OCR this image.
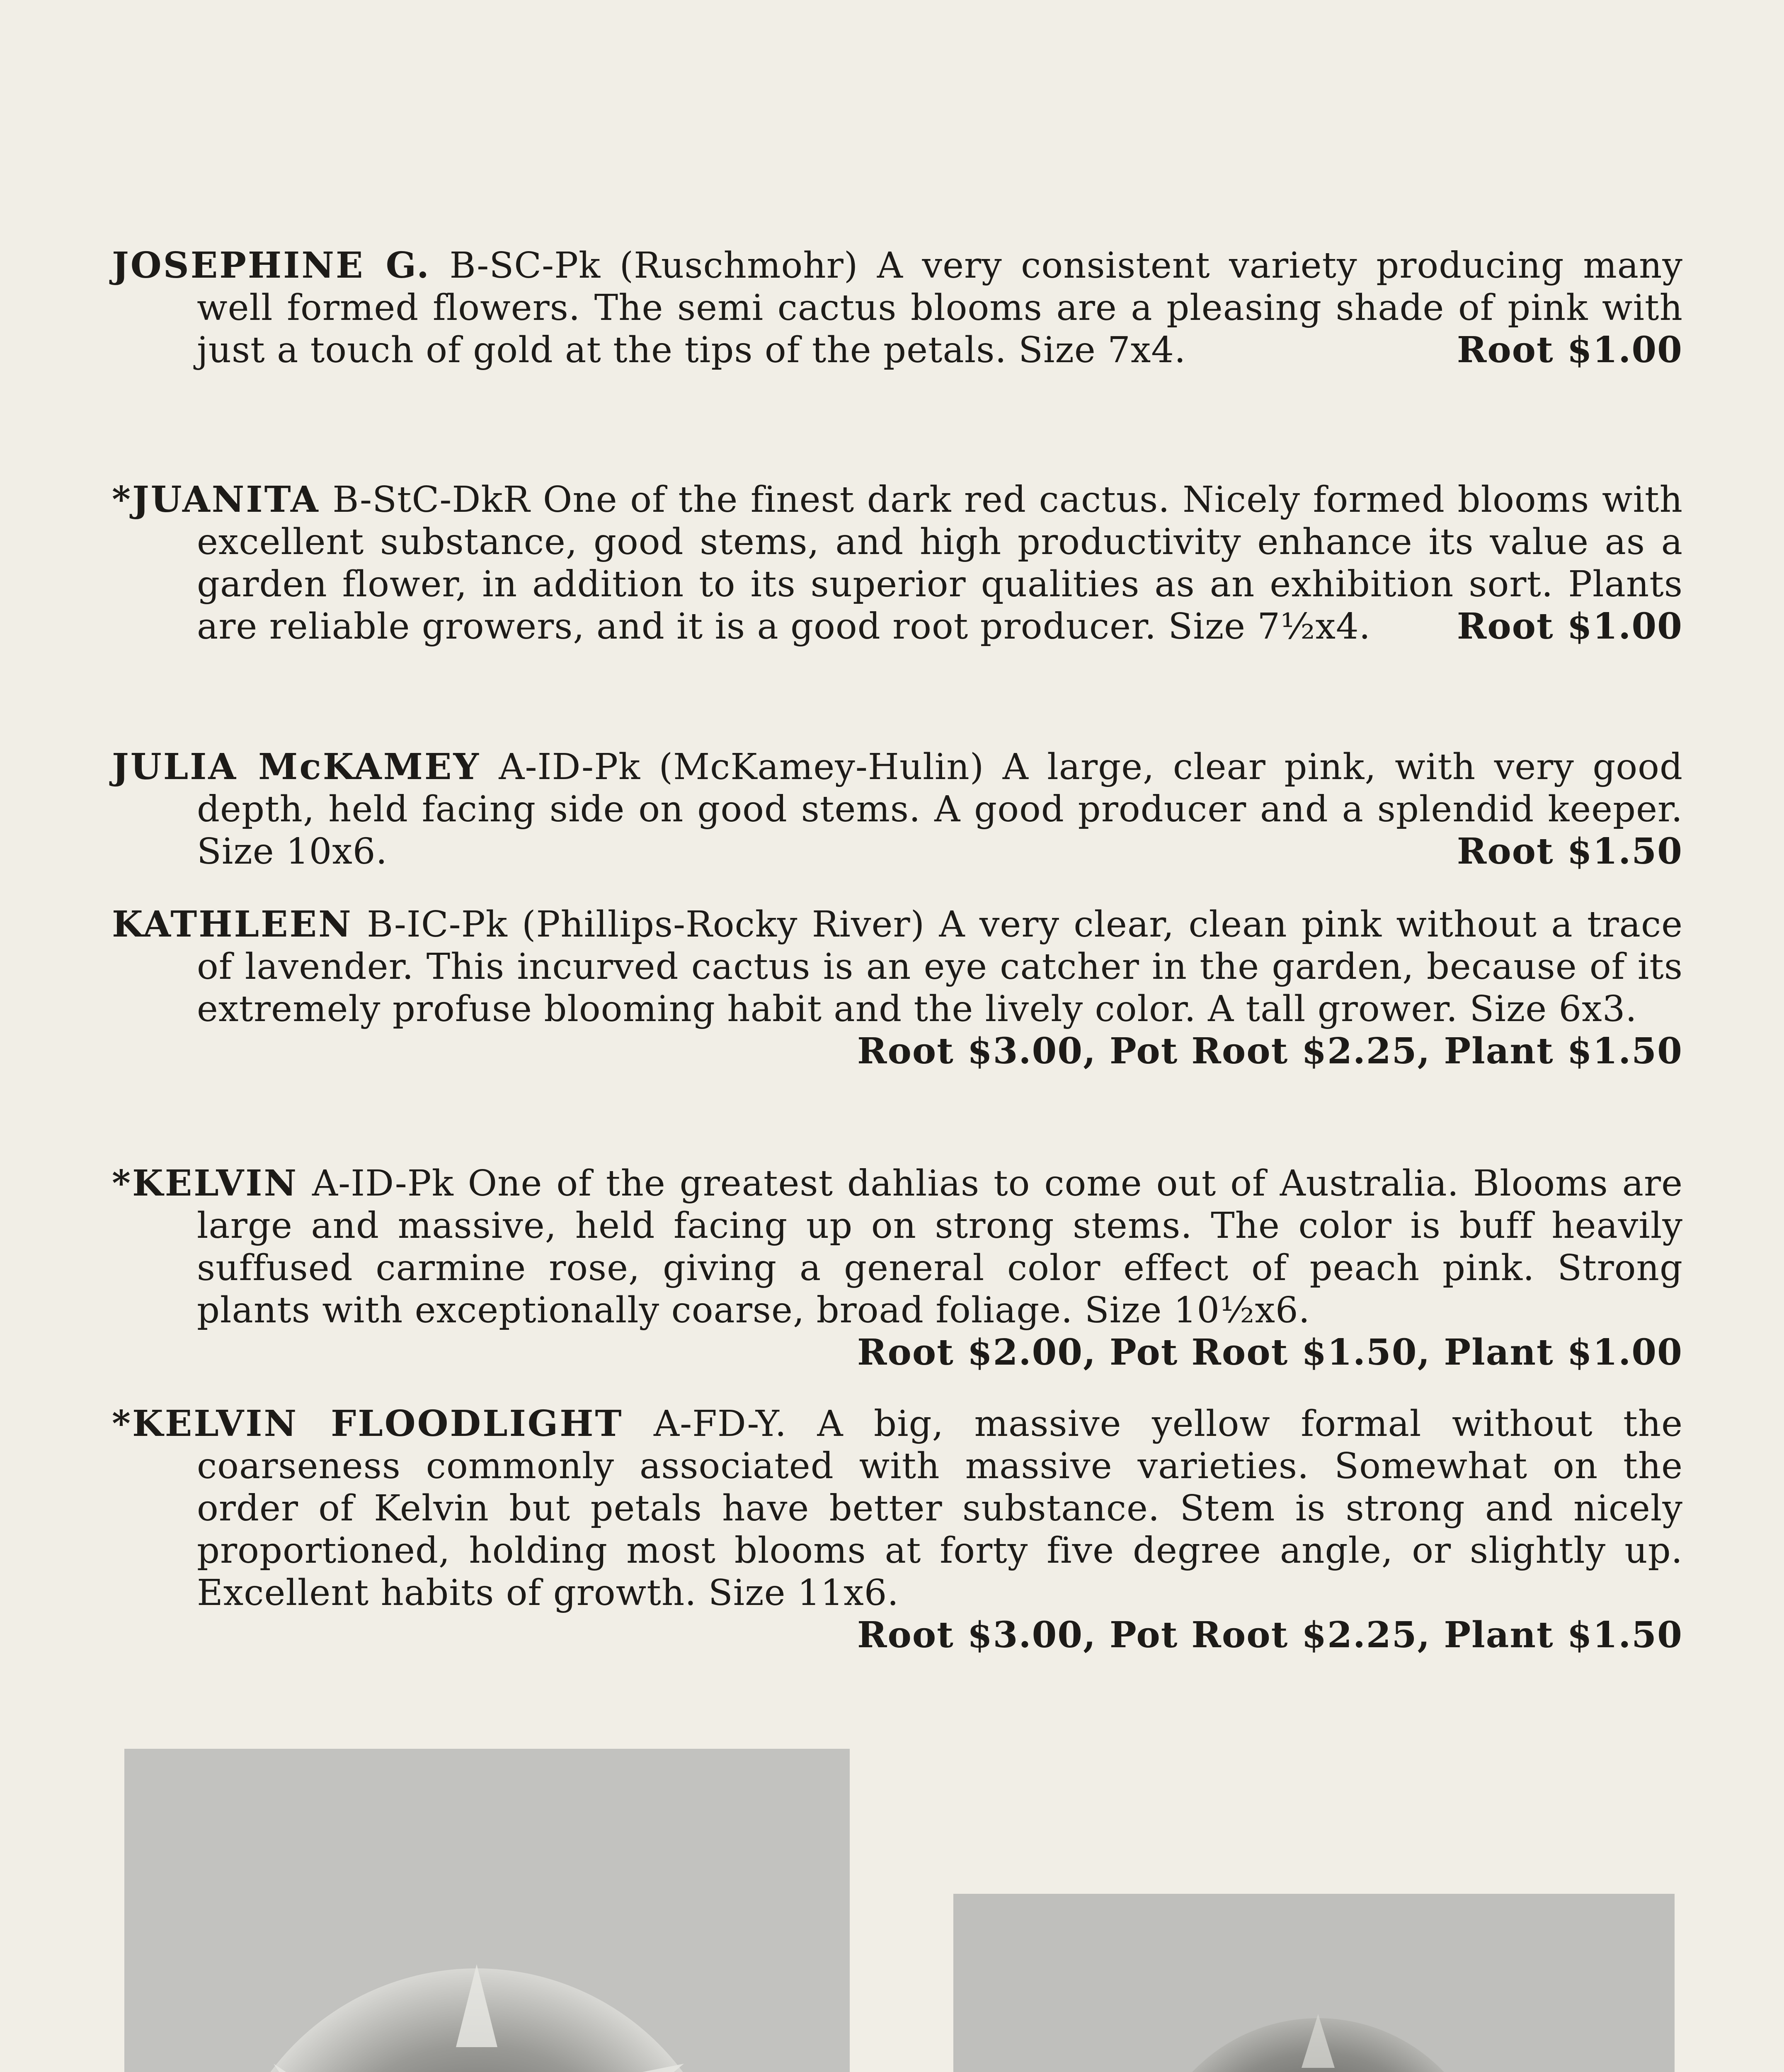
JOSEPHINE G. B-SC-Pk (Ruschmohr) A very consistent variety producing many well formed flowers. The semi cactus blooms are a pleasing shade of pink with just a touch of gold at the tips of the petals. Size 7x4.	Root $1.00
*JUANITA B-StC-DkR One of the finest dark red cactus. Nicely formed blooms with excellent substance, good stems, and high productivity enhance its value as a garden flower, in addition to its superior qualities as an exhibition sort. Plants are reliable growers, and it is a good root producer. Size 7½x4.	Root $1.00
JULIA McKAMEY A-ID-Pk (McKamey-Hulin) A large, clear pink, with very good depth, held facing side on good stems. A good producer and a splendid keeper. Size 10x6.	Root $1.50
KATHLEEN B-IC-Pk (Phillips-Rocky River) A very clear, clean pink without a trace of lavender. This incurved cactus is an eye catcher in the garden, because of its extremely profuse blooming habit and the lively color. A tall grower. Size 6x3.
Root $3.00, Pot Root $2.25, Plant $1.50
*KELVIN A-ID-Pk One of the greatest dahlias to come out of Australia. Blooms are large and massive, held facing up on strong stems. The color is buff heavily suffused carmine rose, giving a general color effect of peach pink. Strong plants with exceptionally coarse, broad foliage. Size 10½x6.
Root $2.00, Pot Root $1.50, Plant $1.00
*KELVIN FLOODLIGHT A-FD-Y. A big, massive yellow formal without the coarseness commonly associated with massive varieties. Somewhat on the order of Kelvin but petals have better substance. Stem is strong and nicely proportioned, holding most blooms at forty five degree angle, or slightly up. Excellent habits of growth. Size 11x6.
Root $3.00, Pot Root $2.25, Plant $1.50
